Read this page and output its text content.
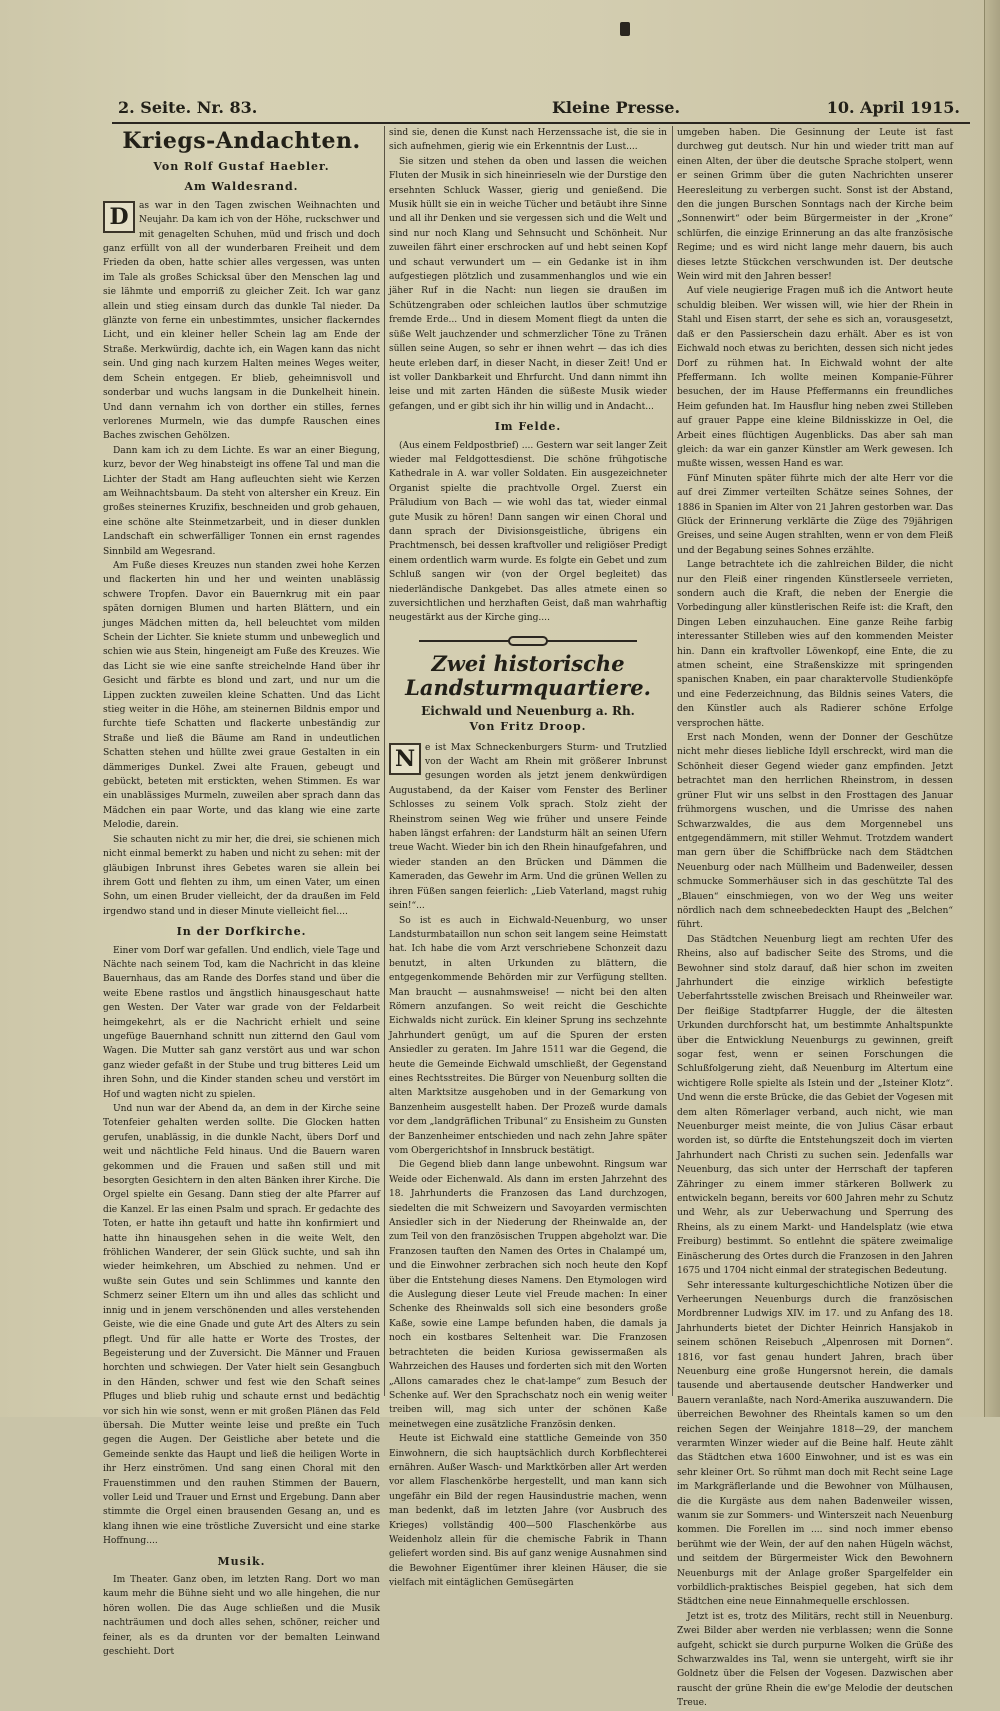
2. Seite. Nr. 83.	Kleine Presse.	10. April 1915.
Kriegs-Andachten.
Von Rolf Gustaf Haebler.
Am Waldesrand.

D	as war in den Tagen zwischen Weihnachten und Neujahr. Da kam ich von der Höhe, ruckschwer und mit genagelten Schuhen, müd und frisch und doch ganz erfüllt von all der wunderbaren Freiheit und dem Frieden da oben, hatte schier alles vergessen, was unten im Tale als großes Schicksal über den Menschen lag und sie lähmte und emporriß zu gleicher Zeit. Ich war ganz allein und stieg einsam durch das dunkle Tal nieder. Da glänzte von ferne ein unbestimmtes, unsicher flackerndes Licht, und ein kleiner heller Schein lag am Ende der Straße. Merkwürdig, dachte ich, ein Wagen kann das nicht sein. Und ging nach kurzem Halten meines Weges weiter, dem Schein entgegen. Er blieb, geheimnisvoll und sonderbar und wuchs langsam in die Dunkelheit hinein. Und dann vernahm ich von dorther ein stilles, fernes verlorenes Murmeln, wie das dumpfe Rauschen eines Baches zwischen Gehölzen.

Dann kam ich zu dem Lichte. Es war an einer Biegung, kurz, bevor der Weg hinabsteigt ins offene Tal und man die Lichter der Stadt am Hang aufleuchten sieht wie Kerzen am Weihnachtsbaum. Da steht von altersher ein Kreuz. Ein großes steinernes Kruzifix, beschneiden und grob gehauen, eine schöne alte Steinmetzarbeit, und in dieser dunklen Landschaft ein schwerfälliger Tonnen ein ernst ragendes Sinnbild am Wegesrand.

Am Fuße dieses Kreuzes nun standen zwei hohe Kerzen und flackerten hin und her und weinten unablässig schwere Tropfen. Davor ein Bauernkrug mit ein paar späten dornigen Blumen und harten Blättern, und ein junges Mädchen mitten da, hell beleuchtet vom milden Schein der Lichter. Sie kniete stumm und unbeweglich und schien wie aus Stein, hingeneigt am Fuße des Kreuzes. Wie das Licht sie wie eine sanfte streichelnde Hand über ihr Gesicht und färbte es blond und zart, und nur um die Lippen zuckten zuweilen kleine Schatten. Und das Licht stieg weiter in die Höhe, am steinernen Bildnis empor und furchte tiefe Schatten und flackerte unbeständig zur Straße und ließ die Bäume am Rand in undeutlichen Schatten stehen und hüllte zwei graue Gestalten in ein dämmeriges Dunkel. Zwei alte Frauen, gebeugt und gebückt, beteten mit erstickten, wehen Stimmen. Es war ein unablässiges Murmeln, zuweilen aber sprach dann das Mädchen ein paar Worte, und das klang wie eine zarte Melodie, darein.

Sie schauten nicht zu mir her, die drei, sie schienen mich nicht einmal bemerkt zu haben und nicht zu sehen: mit der gläubigen Inbrunst ihres Gebetes waren sie allein bei ihrem Gott und flehten zu ihm, um einen Vater, um einen Sohn, um einen Bruder vielleicht, der da draußen im Feld irgendwo stand und in dieser Minute vielleicht fiel....

In der Dorfkirche.

Einer vom Dorf war gefallen. Und endlich, viele Tage und Nächte nach seinem Tod, kam die Nachricht in das kleine Bauernhaus, das am Rande des Dorfes stand und über die weite Ebene rastlos und ängstlich hinausgeschaut hatte gen Westen. Der Vater war grade von der Feldarbeit heimgekehrt, als er die Nachricht erhielt und seine ungefüge Bauernhand schnitt nun zitternd den Gaul vom Wagen. Die Mutter sah ganz verstört aus und war schon ganz wieder gefaßt in der Stube und trug bitteres Leid um ihren Sohn, und die Kinder standen scheu und verstört im Hof und wagten nicht zu spielen.

Und nun war der Abend da, an dem in der Kirche seine Totenfeier gehalten werden sollte. Die Glocken hatten gerufen, unablässig, in die dunkle Nacht, übers Dorf und weit und nächtliche Feld hinaus. Und die Bauern waren gekommen und die Frauen und saßen still und mit besorgten Gesichtern in den alten Bänken ihrer Kirche. Die Orgel spielte ein Gesang. Dann stieg der alte Pfarrer auf die Kanzel. Er las einen Psalm und sprach. Er gedachte des Toten, er hatte ihn getauft und hatte ihn konfirmiert und hatte ihn hinausgehen sehen in die weite Welt, den fröhlichen Wanderer, der sein Glück suchte, und sah ihn wieder heimkehren, um Abschied zu nehmen. Und er wußte sein Gutes und sein Schlimmes und kannte den Schmerz seiner Eltern um ihn und alles das schlicht und innig und in jenem verschönenden und alles verstehenden Geiste, wie die eine Gnade und gute Art des Alters zu sein pflegt. Und für alle hatte er Worte des Trostes, der Begeisterung und der Zuversicht. Die Männer und Frauen horchten und schwiegen. Der Vater hielt sein Gesangbuch in den Händen, schwer und fest wie den Schaft seines Pfluges und blieb ruhig und schaute ernst und bedächtig vor sich hin wie sonst, wenn er mit großen Plänen das Feld übersah. Die Mutter weinte leise und preßte ein Tuch gegen die Augen. Der Geistliche aber betete und die Gemeinde senkte das Haupt und ließ die heiligen Worte in ihr Herz einströmen. Und sang einen Choral mit den Frauenstimmen und den rauhen Stimmen der Bauern, voller Leid und Trauer und Ernst und Ergebung. Dann aber stimmte die Orgel einen brausenden Gesang an, und es klang ihnen wie eine tröstliche Zuversicht und eine starke Hoffnung....

Musik.

Im Theater. Ganz oben, im letzten Rang. Dort wo man kaum mehr die Bühne sieht und wo alle hingehen, die nur hören wollen. Die das Auge schließen und die Musik nachträumen und doch alles sehen, schöner, reicher und feiner, als es da drunten vor der bemalten Leinwand geschieht. Dort

sind sie, denen die Kunst nach Herzenssache ist, die sie in sich aufnehmen, gierig wie ein Erkenntnis der Lust....

Sie sitzen und stehen da oben und lassen die weichen Fluten der Musik in sich hineinrieseln wie der Durstige den ersehnten Schluck Wasser, gierig und genießend. Die Musik hüllt sie ein in weiche Tücher und betäubt ihre Sinne und all ihr Denken und sie vergessen sich und die Welt und sind nur noch Klang und Sehnsucht und Schönheit. Nur zuweilen fährt einer erschrocken auf und hebt seinen Kopf und schaut verwundert um — ein Gedanke ist in ihm aufgestiegen plötzlich und zusammenhanglos und wie ein jäher Ruf in die Nacht: nun liegen sie draußen im Schützengraben oder schleichen lautlos über schmutzige fremde Erde... Und in diesem Moment fliegt da unten die süße Welt jauchzender und schmerzlicher Töne zu Tränen süllen seine Augen, so sehr er ihnen wehrt — das ich dies heute erleben darf, in dieser Nacht, in dieser Zeit! Und er ist voller Dankbarkeit und Ehrfurcht. Und dann nimmt ihn leise und mit zarten Händen die süßeste Musik wieder gefangen, und er gibt sich ihr hin willig und in Andacht...

Im Felde.

(Aus einem Feldpostbrief) .... Gestern war seit langer Zeit wieder mal Feldgottesdienst. Die schöne frühgotische Kathedrale in A. war voller Soldaten. Ein ausgezeichneter Organist spielte die prachtvolle Orgel. Zuerst ein Präludium von Bach — wie wohl das tat, wieder einmal gute Musik zu hören! Dann sangen wir einen Choral und dann sprach der Divisionsgeistliche, übrigens ein Prachtmensch, bei dessen kraftvoller und religiöser Predigt einem ordentlich warm wurde. Es folgte ein Gebet und zum Schluß sangen wir (von der Orgel begleitet) das niederländische Dankgebet. Das alles atmete einen so zuversichtlichen und herzhaften Geist, daß man wahrhaftig neugestärkt aus der Kirche ging....

Zwei historische Landsturmquartiere.
Eichwald und Neuenburg a. Rh.
Von Fritz Droop.

N	e ist Max Schneckenburgers Sturm- und Trutzlied von der Wacht am Rhein mit größerer Inbrunst gesungen worden als jetzt jenem denkwürdigen Augustabend, da der Kaiser vom Fenster des Berliner Schlosses zu seinem Volk sprach. Stolz zieht der Rheinstrom seinen Weg wie früher und unsere Feinde haben längst erfahren: der Landsturm hält an seinen Ufern treue Wacht. Wieder bin ich den Rhein hinaufgefahren, und wieder standen an den Brücken und Dämmen die Kameraden, das Gewehr im Arm. Und die grünen Wellen zu ihren Füßen sangen feierlich: „Lieb Vaterland, magst ruhig sein!“...

So ist es auch in Eichwald-Neuenburg, wo unser Landsturmbataillon nun schon seit langem seine Heimstatt hat. Ich habe die vom Arzt verschriebene Schonzeit dazu benutzt, in alten Urkunden zu blättern, die entgegenkommende Behörden mir zur Verfügung stellten. Man braucht — ausnahmsweise! — nicht bei den alten Römern anzufangen. So weit reicht die Geschichte Eichwalds nicht zurück. Ein kleiner Sprung ins sechzehnte Jahrhundert genügt, um auf die Spuren der ersten Ansiedler zu geraten. Im Jahre 1511 war die Gegend, die heute die Gemeinde Eichwald umschließt, der Gegenstand eines Rechtsstreites. Die Bürger von Neuenburg sollten die alten Marktsitze ausgehoben und in der Gemarkung von Banzenheim ausgestellt haben. Der Prozeß wurde damals vor dem „landgräflichen Tribunal“ zu Ensisheim zu Gunsten der Banzenheimer entschieden und nach zehn Jahre später vom Obergerichtshof in Innsbruck bestätigt.

Die Gegend blieb dann lange unbewohnt. Ringsum war Weide oder Eichenwald. Als dann im ersten Jahrzehnt des 18. Jahrhunderts die Franzosen das Land durchzogen, siedelten die mit Schweizern und Savoyarden vermischten Ansiedler sich in der Niederung der Rheinwalde an, der zum Teil von den französischen Truppen abgeholzt war. Die Franzosen tauften den Namen des Ortes in Chalampé um, und die Einwohner zerbrachen sich noch heute den Kopf über die Entstehung dieses Namens. Den Etymologen wird die Auslegung dieser Leute viel Freude machen: In einer Schenke des Rheinwalds soll sich eine besonders große Kaße, sowie eine Lampe befunden haben, die damals ja noch ein kostbares Seltenheit war. Die Franzosen betrachteten die beiden Kuriosa gewissermaßen als Wahrzeichen des Hauses und forderten sich mit den Worten „Allons camarades chez le chat-lampe“ zum Besuch der Schenke auf. Wer den Sprachschatz noch ein wenig weiter treiben will, mag sich unter der schönen Kaße meinetwegen eine zusätzliche Französin denken.

Heute ist Eichwald eine stattliche Gemeinde von 350 Einwohnern, die sich hauptsächlich durch Korbflechterei ernähren. Außer Wasch- und Marktkörben aller Art werden vor allem Flaschenkörbe hergestellt, und man kann sich ungefähr ein Bild der regen Hausindustrie machen, wenn man bedenkt, daß im letzten Jahre (vor Ausbruch des Krieges) vollständig 400—500 Flaschenkörbe aus Weidenholz allein für die chemische Fabrik in Thann geliefert worden sind. Bis auf ganz wenige Ausnahmen sind die Bewohner Eigentümer ihrer kleinen Häuser, die sie vielfach mit eintäglichen Gemüsegärten

umgeben haben. Die Gesinnung der Leute ist fast durchweg gut deutsch. Nur hin und wieder tritt man auf einen Alten, der über die deutsche Sprache stolpert, wenn er seinen Grimm über die guten Nachrichten unserer Heeresleitung zu verbergen sucht. Sonst ist der Abstand, den die jungen Burschen Sonntags nach der Kirche beim „Sonnenwirt“ oder beim Bürgermeister in der „Krone“ schlürfen, die einzige Erinnerung an das alte französische Regime; und es wird nicht lange mehr dauern, bis auch dieses letzte Stückchen verschwunden ist. Der deutsche Wein wird mit den Jahren besser!

Auf viele neugierige Fragen muß ich die Antwort heute schuldig bleiben. Wer wissen will, wie hier der Rhein in Stahl und Eisen starrt, der sehe es sich an, vorausgesetzt, daß er den Passierschein dazu erhält. Aber es ist von Eichwald noch etwas zu berichten, dessen sich nicht jedes Dorf zu rühmen hat. In Eichwald wohnt der alte Pfeffermann. Ich wollte meinen Kompanie-Führer besuchen, der im Hause Pfeffermanns ein freundliches Heim gefunden hat. Im Hausflur hing neben zwei Stilleben auf grauer Pappe eine kleine Bildnisskizze in Oel, die Arbeit eines flüchtigen Augenblicks. Das aber sah man gleich: da war ein ganzer Künstler am Werk gewesen. Ich mußte wissen, wessen Hand es war.

Fünf Minuten später führte mich der alte Herr vor die auf drei Zimmer verteilten Schätze seines Sohnes, der 1886 in Spanien im Alter von 21 Jahren gestorben war. Das Glück der Erinnerung verklärte die Züge des 79jährigen Greises, und seine Augen strahlten, wenn er von dem Fleiß und der Begabung seines Sohnes erzählte.

Lange betrachtete ich die zahlreichen Bilder, die nicht nur den Fleiß einer ringenden Künstlerseele verrieten, sondern auch die Kraft, die neben der Energie die Vorbedingung aller künstlerischen Reife ist: die Kraft, den Dingen Leben einzuhauchen. Eine ganze Reihe farbig interessanter Stilleben wies auf den kommenden Meister hin. Dann ein kraftvoller Löwenkopf, eine Ente, die zu atmen scheint, eine Straßenskizze mit springenden spanischen Knaben, ein paar charaktervolle Studienköpfe und eine Federzeichnung, das Bildnis seines Vaters, die den Künstler auch als Radierer schöne Erfolge versprochen hätte.

Erst nach Monden, wenn der Donner der Geschütze nicht mehr dieses liebliche Idyll erschreckt, wird man die Schönheit dieser Gegend wieder ganz empfinden. Jetzt betrachtet man den herrlichen Rheinstrom, in dessen grüner Flut wir uns selbst in den Frosttagen des Januar frühmorgens wuschen, und die Umrisse des nahen Schwarzwaldes, die aus dem Morgennebel uns entgegendämmern, mit stiller Wehmut. Trotzdem wandert man gern über die Schiffbrücke nach dem Städtchen Neuenburg oder nach Müllheim und Badenweiler, dessen schmucke Sommerhäuser sich in das geschützte Tal des „Blauen“ einschmiegen, von wo der Weg uns weiter nördlich nach dem schneebedeckten Haupt des „Belchen“ führt.

Das Städtchen Neuenburg liegt am rechten Ufer des Rheins, also auf badischer Seite des Stroms, und die Bewohner sind stolz darauf, daß hier schon im zweiten Jahrhundert die einzige wirklich befestigte Ueberfahrtsstelle zwischen Breisach und Rheinweiler war. Der fleißige Stadtpfarrer Huggle, der die ältesten Urkunden durchforscht hat, um bestimmte Anhaltspunkte über die Entwicklung Neuenburgs zu gewinnen, greift sogar fest, wenn er seinen Forschungen die Schlußfolgerung zieht, daß Neuenburg im Altertum eine wichtigere Rolle spielte als Istein und der „Isteiner Klotz“. Und wenn die erste Brücke, die das Gebiet der Vogesen mit dem alten Römerlager verband, auch nicht, wie man Neuenburger meist meinte, die von Julius Cäsar erbaut worden ist, so dürfte die Entstehungszeit doch im vierten Jahrhundert nach Christi zu suchen sein. Jedenfalls war Neuenburg, das sich unter der Herrschaft der tapferen Zähringer zu einem immer stärkeren Bollwerk zu entwickeln begann, bereits vor 600 Jahren mehr zu Schutz und Wehr, als zur Ueberwachung und Sperrung des Rheins, als zu einem Markt- und Handelsplatz (wie etwa Freiburg) bestimmt. So entlehnt die spätere zweimalige Einäscherung des Ortes durch die Franzosen in den Jahren 1675 und 1704 nicht einmal der strategischen Bedeutung.

Sehr interessante kulturgeschichtliche Notizen über die Verheerungen Neuenburgs durch die französischen Mordbrenner Ludwigs XIV. im 17. und zu Anfang des 18. Jahrhunderts bietet der Dichter Heinrich Hansjakob in seinem schönen Reisebuch „Alpenrosen mit Dornen“. 1816, vor fast genau hundert Jahren, brach über Neuenburg eine große Hungersnot herein, die damals tausende und abertausende deutscher Handwerker und Bauern veranlaßte, nach Nord-Amerika auszuwandern. Die überreichen Bewohner des Rheintals kamen so um den reichen Segen der Weinjahre 1818—29, der manchem verarmten Winzer wieder auf die Beine half. Heute zählt das Städtchen etwa 1600 Einwohner, und ist es was ein sehr kleiner Ort. So rühmt man doch mit Recht seine Lage im Markgräflerlande und die Bewohner von Mülhausen, die die Kurgäste aus dem nahen Badenweiler wissen, wanım sie zur Sommers- und Winterszeit nach Neuenburg kommen. Die Forellen im .... sind noch immer ebenso berühmt wie der Wein, der auf den nahen Hügeln wächst, und seitdem der Bürgermeister Wick den Bewohnern Neuenburgs mit der Anlage großer Spargelfelder ein vorbildlich-praktisches Beispiel gegeben, hat sich dem Städtchen eine neue Einnahmequelle erschlossen.

Jetzt ist es, trotz des Militärs, recht still in Neuenburg. Zwei Bilder aber werden nie verblassen; wenn die Sonne aufgeht, schickt sie durch purpurne Wolken die Grüße des Schwarzwaldes ins Tal, wenn sie untergeht, wirft sie ihr Goldnetz über die Felsen der Vogesen. Dazwischen aber rauscht der grüne Rhein die ew'ge Melodie der deutschen Treue.
